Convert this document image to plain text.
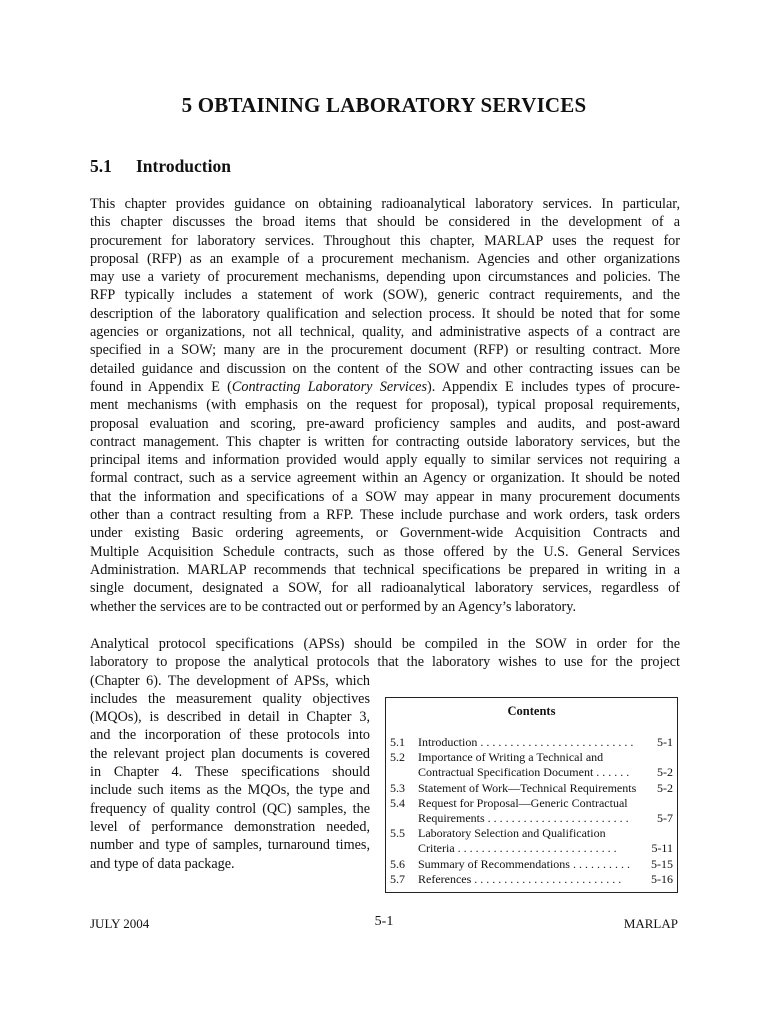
5 OBTAINING LABORATORY SERVICES
5.1 Introduction
This chapter provides guidance on obtaining radioanalytical laboratory services. In particular,
this chapter discusses the broad items that should be considered in the development of a
procurement for laboratory services. Throughout this chapter, MARLAP uses the request for
proposal (RFP) as an example of a procurement mechanism. Agencies and other organizations
may use a variety of procurement mechanisms, depending upon circumstances and policies. The
RFP typically includes a statement of work (SOW), generic contract requirements, and the
description of the laboratory qualification and selection process. It should be noted that for some
agencies or organizations, not all technical, quality, and administrative aspects of a contract are
specified in a SOW; many are in the procurement document (RFP) or resulting contract. More
detailed guidance and discussion on the content of the SOW and other contracting issues can be
found in Appendix E (Contracting Laboratory Services). Appendix E includes types of procure-
ment mechanisms (with emphasis on the request for proposal), typical proposal requirements,
proposal evaluation and scoring, pre-award proficiency samples and audits, and post-award
contract management. This chapter is written for contracting outside laboratory services, but the
principal items and information provided would apply equally to similar services not requiring a
formal contract, such as a service agreement within an Agency or organization. It should be noted
that the information and specifications of a SOW may appear in many procurement documents
other than a contract resulting from a RFP. These include purchase and work orders, task orders
under existing Basic ordering agreements, or Government-wide Acquisition Contracts and
Multiple Acquisition Schedule contracts, such as those offered by the U.S. General Services
Administration. MARLAP recommends that technical specifications be prepared in writing in a
single document, designated a SOW, for all radioanalytical laboratory services, regardless of
whether the services are to be contracted out or performed by an Agency’s laboratory.
Analytical protocol specifications (APSs) should be compiled in the SOW in order for the
laboratory to propose the analytical protocols that the laboratory wishes to use for the project
(Chapter 6). The development of APSs, which
includes the measurement quality objectives
(MQOs), is described in detail in Chapter 3,
and the incorporation of these protocols into
the relevant project plan documents is covered
in Chapter 4. These specifications should
include such items as the MQOs, the type and
frequency of quality control (QC) samples, the
level of performance demonstration needed,
number and type of samples, turnaround times,
and type of data package.
Contents
5.1	Introduction . . . . . . . . . . . . . . . . . . . . . . . . . . 5-1
5.2	Importance of Writing a Technical and
Contractual Specification Document . . . . . . 5-2
5.3	Statement of Work—Technical Requirements 5-2
5.4	Request for Proposal—Generic Contractual
Requirements . . . . . . . . . . . . . . . . . . . . . . . . 5-7
5.5	Laboratory Selection and Qualification
Criteria . . . . . . . . . . . . . . . . . . . . . . . . . . .	5-11
5.6	Summary of Recommendations . . . . . . . . . . 5-15
5.7	References . . . . . . . . . . . . . . . . . . . . . . . . . 5-16
JULY 2004	5-1	MARLAP
